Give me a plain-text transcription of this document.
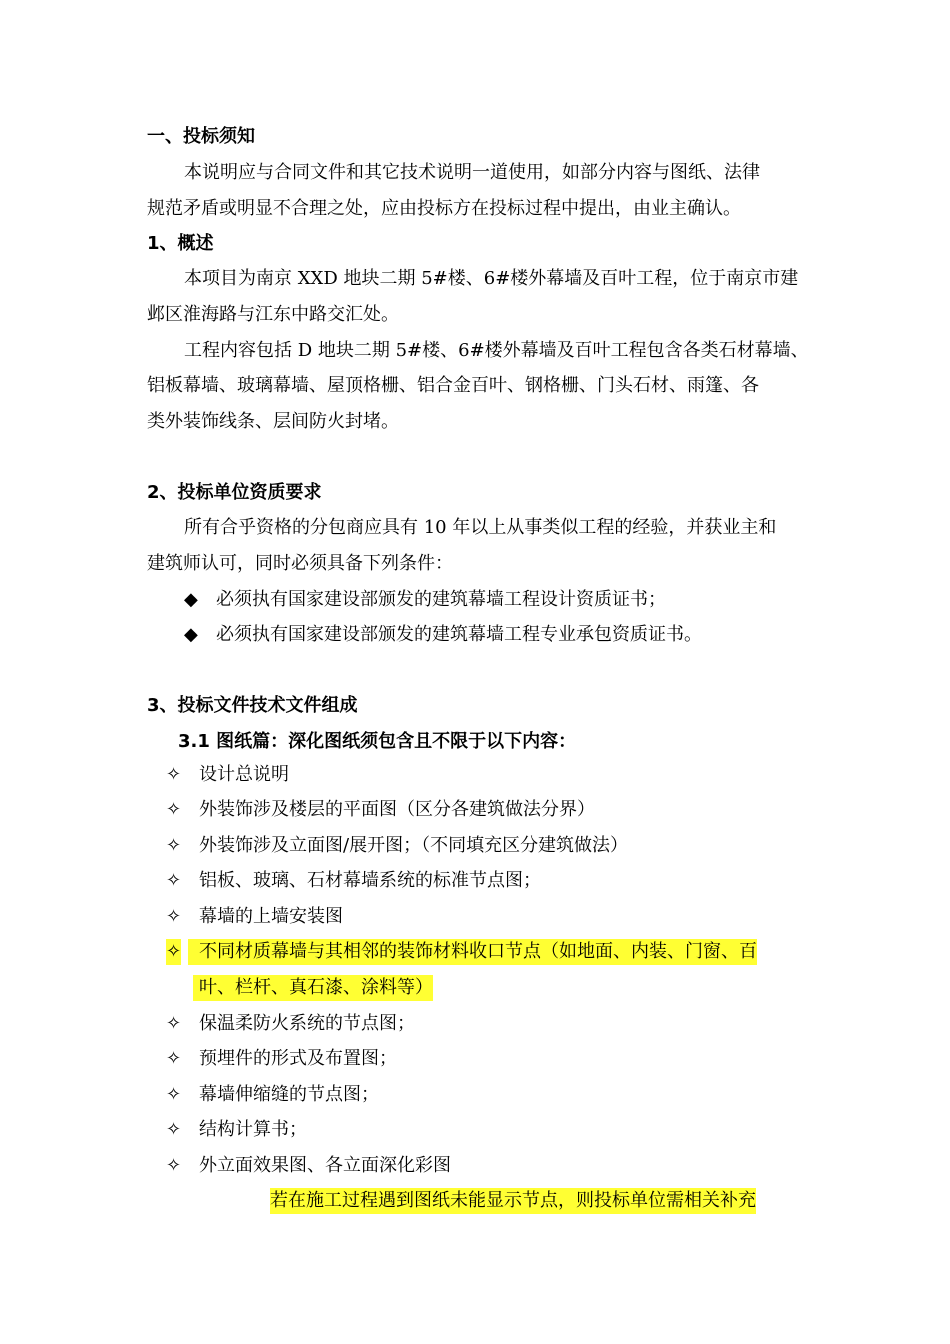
一、投标须知
本说明应与合同文件和其它技术说明一道使用，如部分内容与图纸、法律
规范矛盾或明显不合理之处，应由投标方在投标过程中提出，由业主确认。
1、概述
本项目为南京 XXD 地块二期 5#楼、6#楼外幕墙及百叶工程，位于南京市建
邺区淮海路与江东中路交汇处。
工程内容包括 D 地块二期 5#楼、6#楼外幕墙及百叶工程包含各类石材幕墙、
铝板幕墙、玻璃幕墙、屋顶格栅、铝合金百叶、钢格栅、门头石材、雨篷、各
类外装饰线条、层间防火封堵。
2、投标单位资质要求
所有合乎资格的分包商应具有 10 年以上从事类似工程的经验，并获业主和
建筑师认可，同时必须具备下列条件：
◆ 必须执有国家建设部颁发的建筑幕墙工程设计资质证书；
◆ 必须执有国家建设部颁发的建筑幕墙工程专业承包资质证书。
3、投标文件技术文件组成
3.1 图纸篇：深化图纸须包含且不限于以下内容：
✧ 设计总说明
✧ 外装饰涉及楼层的平面图（区分各建筑做法分界）
✧ 外装饰涉及立面图/展开图；（不同填充区分建筑做法）
✧ 铝板、玻璃、石材幕墙系统的标准节点图；
✧ 幕墙的上墙安装图
✧ 不同材质幕墙与其相邻的装饰材料收口节点（如地面、内装、门窗、百
叶、栏杆、真石漆、涂料等）
✧ 保温柔防火系统的节点图；
✧ 预埋件的形式及布置图；
✧ 幕墙伸缩缝的节点图；
✧ 结构计算书；
✧ 外立面效果图、各立面深化彩图
若在施工过程遇到图纸未能显示节点，则投标单位需相关补充
